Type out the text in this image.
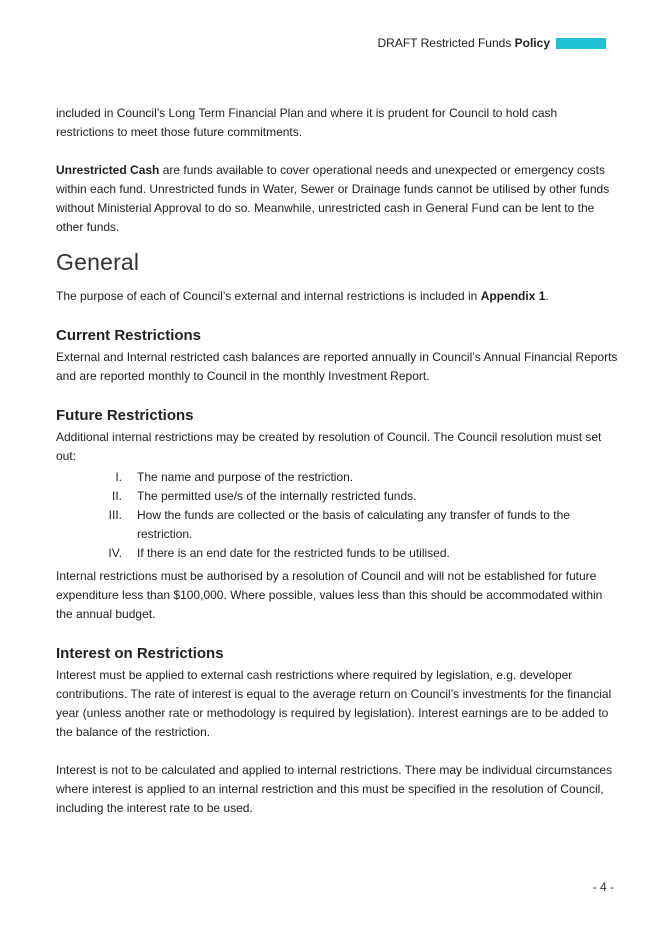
DRAFT Restricted Funds Policy

included in Council’s Long Term Financial Plan and where it is prudent for Council to hold cash restrictions to meet those future commitments.

Unrestricted Cash are funds available to cover operational needs and unexpected or emergency costs within each fund. Unrestricted funds in Water, Sewer or Drainage funds cannot be utilised by other funds without Ministerial Approval to do so. Meanwhile, unrestricted cash in General Fund can be lent to the other funds.

General

The purpose of each of Council’s external and internal restrictions is included in Appendix 1.

Current Restrictions

External and Internal restricted cash balances are reported annually in Council’s Annual Financial Reports and are reported monthly to Council in the monthly Investment Report.

Future Restrictions

Additional internal restrictions may be created by resolution of Council. The Council resolution must set out:

I. The name and purpose of the restriction.
II. The permitted use/s of the internally restricted funds.
III. How the funds are collected or the basis of calculating any transfer of funds to the restriction.
IV. If there is an end date for the restricted funds to be utilised.

Internal restrictions must be authorised by a resolution of Council and will not be established for future expenditure less than $100,000. Where possible, values less than this should be accommodated within the annual budget.

Interest on Restrictions

Interest must be applied to external cash restrictions where required by legislation, e.g. developer contributions. The rate of interest is equal to the average return on Council’s investments for the financial year (unless another rate or methodology is required by legislation). Interest earnings are to be added to the balance of the restriction.

Interest is not to be calculated and applied to internal restrictions. There may be individual circumstances where interest is applied to an internal restriction and this must be specified in the resolution of Council, including the interest rate to be used.

- 4 -
